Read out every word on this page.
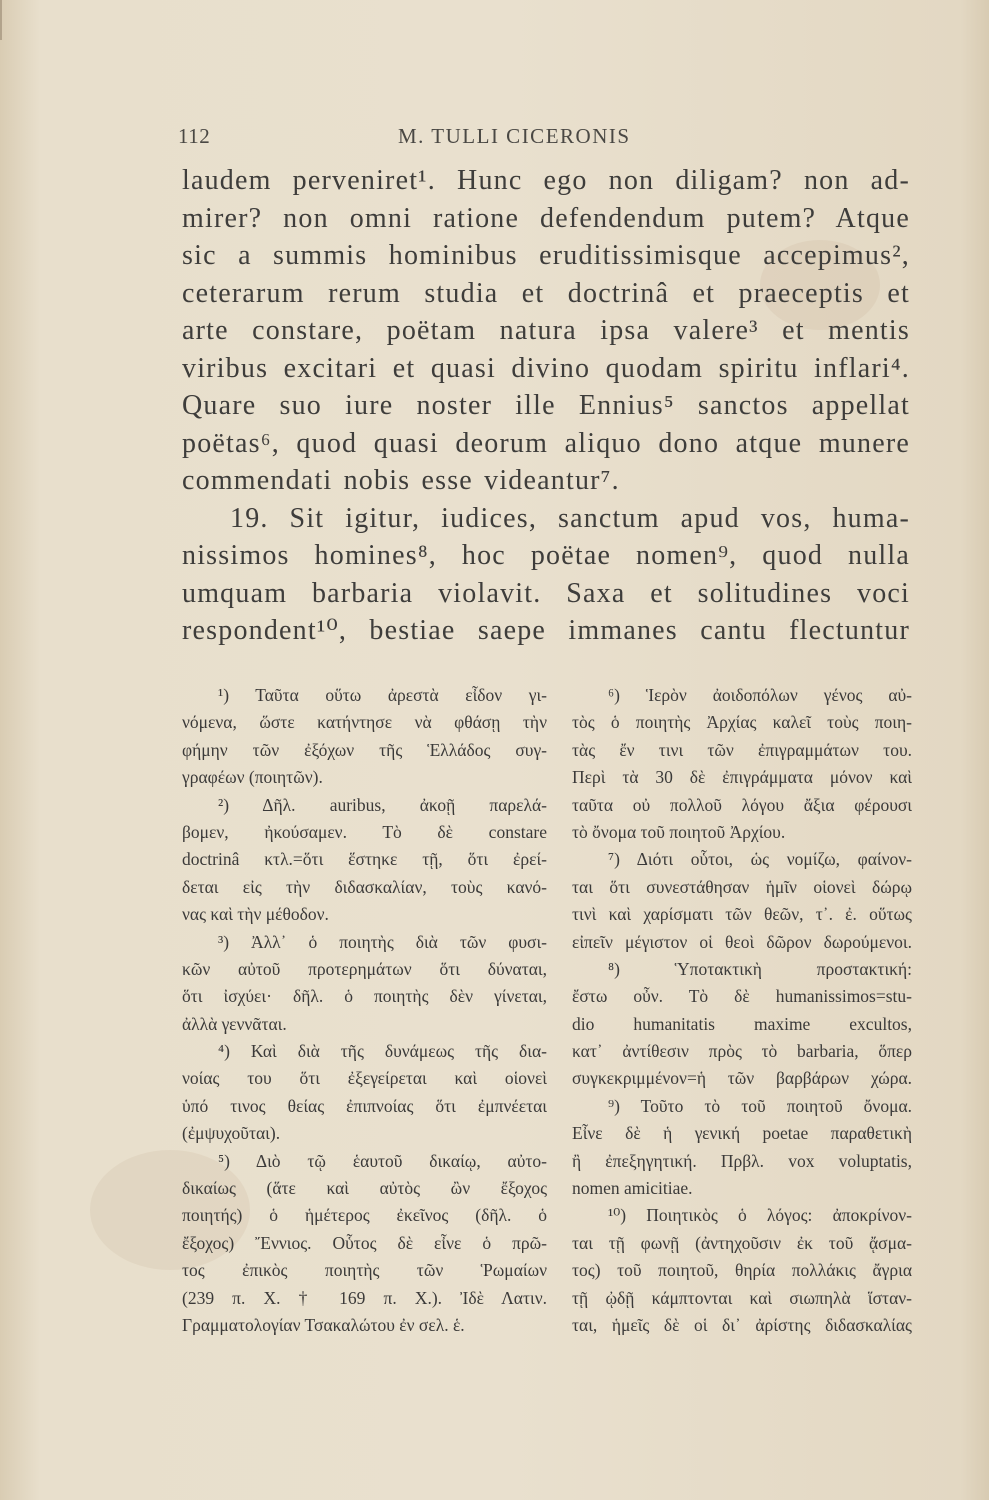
112	M. TULLI CICERONIS
laudem perveniret¹. Hunc ego non diligam? non ad-
mirer? non omni ratione defendendum putem? Atque
sic a summis hominibus eruditissimisque accepimus²,
ceterarum rerum studia et doctrinâ et praeceptis et
arte constare, poëtam natura ipsa valere³ et mentis
viribus excitari et quasi divino quodam spiritu inflari⁴.
Quare suo iure noster ille Ennius⁵ sanctos appellat
poëtas⁶, quod quasi deorum aliquo dono atque munere
commendati nobis esse videantur⁷.
19. Sit igitur, iudices, sanctum apud vos, huma-
nissimos homines⁸, hoc poëtae nomen⁹, quod nulla
umquam barbaria violavit. Saxa et solitudines voci
respondent¹⁰, bestiae saepe immanes cantu flectuntur
¹) Ταῦτα οὕτω ἀρεστὰ εἶδον γι-
νόμενα, ὥστε κατήντησε νὰ φθάσῃ τὴν
φήμην τῶν ἐξόχων τῆς Ἑλλάδος συγ-
γραφέων (ποιητῶν).
²) Δῆλ. auribus, ἀκοῇ παρελά-
βομεν, ἠκούσαμεν. Τὸ δὲ constare
doctrinâ κτλ.=ὅτι ἕστηκε τῇ, ὅτι ἐρεί-
δεται εἰς τὴν διδασκαλίαν, τοὺς κανό-
νας καὶ τὴν μέθοδον.
³) Ἀλλ᾽ ὁ ποιητὴς διὰ τῶν φυσι-
κῶν αὐτοῦ προτερημάτων ὅτι δύναται,
ὅτι ἰσχύει· δῆλ. ὁ ποιητὴς δὲν γίνεται,
ἀλλὰ γεννᾶται.
⁴) Καὶ διὰ τῆς δυνάμεως τῆς δια-
νοίας του ὅτι ἐξεγείρεται καὶ οἱονεὶ
ὑπό τινος θείας ἐπιπνοίας ὅτι ἐμπνέεται
(ἐμψυχοῦται).
⁵) Διὸ τῷ ἑαυτοῦ δικαίῳ, αὐτο-
δικαίως (ἅτε καὶ αὐτὸς ὢν ἔξοχος
ποιητής) ὁ ἡμέτερος ἐκεῖνος (δῆλ. ὁ
ἔξοχος) Ἔννιος. Οὗτος δὲ εἶνε ὁ πρῶ-
τος ἐπικὸς ποιητὴς τῶν Ῥωμαίων
(239 π. Χ. † 169 π. Χ.). Ἰδὲ Λατιν.
Γραμματολογίαν Τσακαλώτου ἐν σελ. ἑ.
⁶) Ἱερὸν ἀοιδοπόλων γένος αὐ-
τὸς ὁ ποιητὴς Ἀρχίας καλεῖ τοὺς ποιη-
τὰς ἔν τινι τῶν ἐπιγραμμάτων του.
Περὶ τὰ 30 δὲ ἐπιγράμματα μόνον καὶ
ταῦτα οὐ πολλοῦ λόγου ἄξια φέρουσι
τὸ ὄνομα τοῦ ποιητοῦ Ἀρχίου.
⁷) Διότι οὗτοι, ὡς νομίζω, φαίνον-
ται ὅτι συνεστάθησαν ἡμῖν οἱονεὶ δώρῳ
τινὶ καὶ χαρίσματι τῶν θεῶν, τ᾽. ἐ. οὕτως
εἰπεῖν μέγιστον οἱ θεοὶ δῶρον δωρούμενοι.
⁸) Ὑποτακτικὴ προστακτική:
ἔστω οὖν. Τὸ δὲ humanissimos=stu-
dio humanitatis maxime excultos,
κατ᾽ ἀντίθεσιν πρὸς τὸ barbaria, ὅπερ
συγκεκριμμένον=ἡ τῶν βαρβάρων χώρα.
⁹) Τοῦτο τὸ τοῦ ποιητοῦ ὄνομα.
Εἶνε δὲ ἡ γενική poetae παραθετικὴ
ἢ ἐπεξηγητική. Πρβλ. vox voluptatis,
nomen amicitiae.
¹⁰) Ποιητικὸς ὁ λόγος: ἀποκρίνον-
ται τῇ φωνῇ (ἀντηχοῦσιν ἐκ τοῦ ᾄσμα-
τος) τοῦ ποιητοῦ, θηρία πολλάκις ἄγρια
τῇ ᾠδῇ κάμπτονται καὶ σιωπηλὰ ἵσταν-
ται, ἡμεῖς δὲ οἱ δι᾽ ἀρίστης διδασκαλίας
